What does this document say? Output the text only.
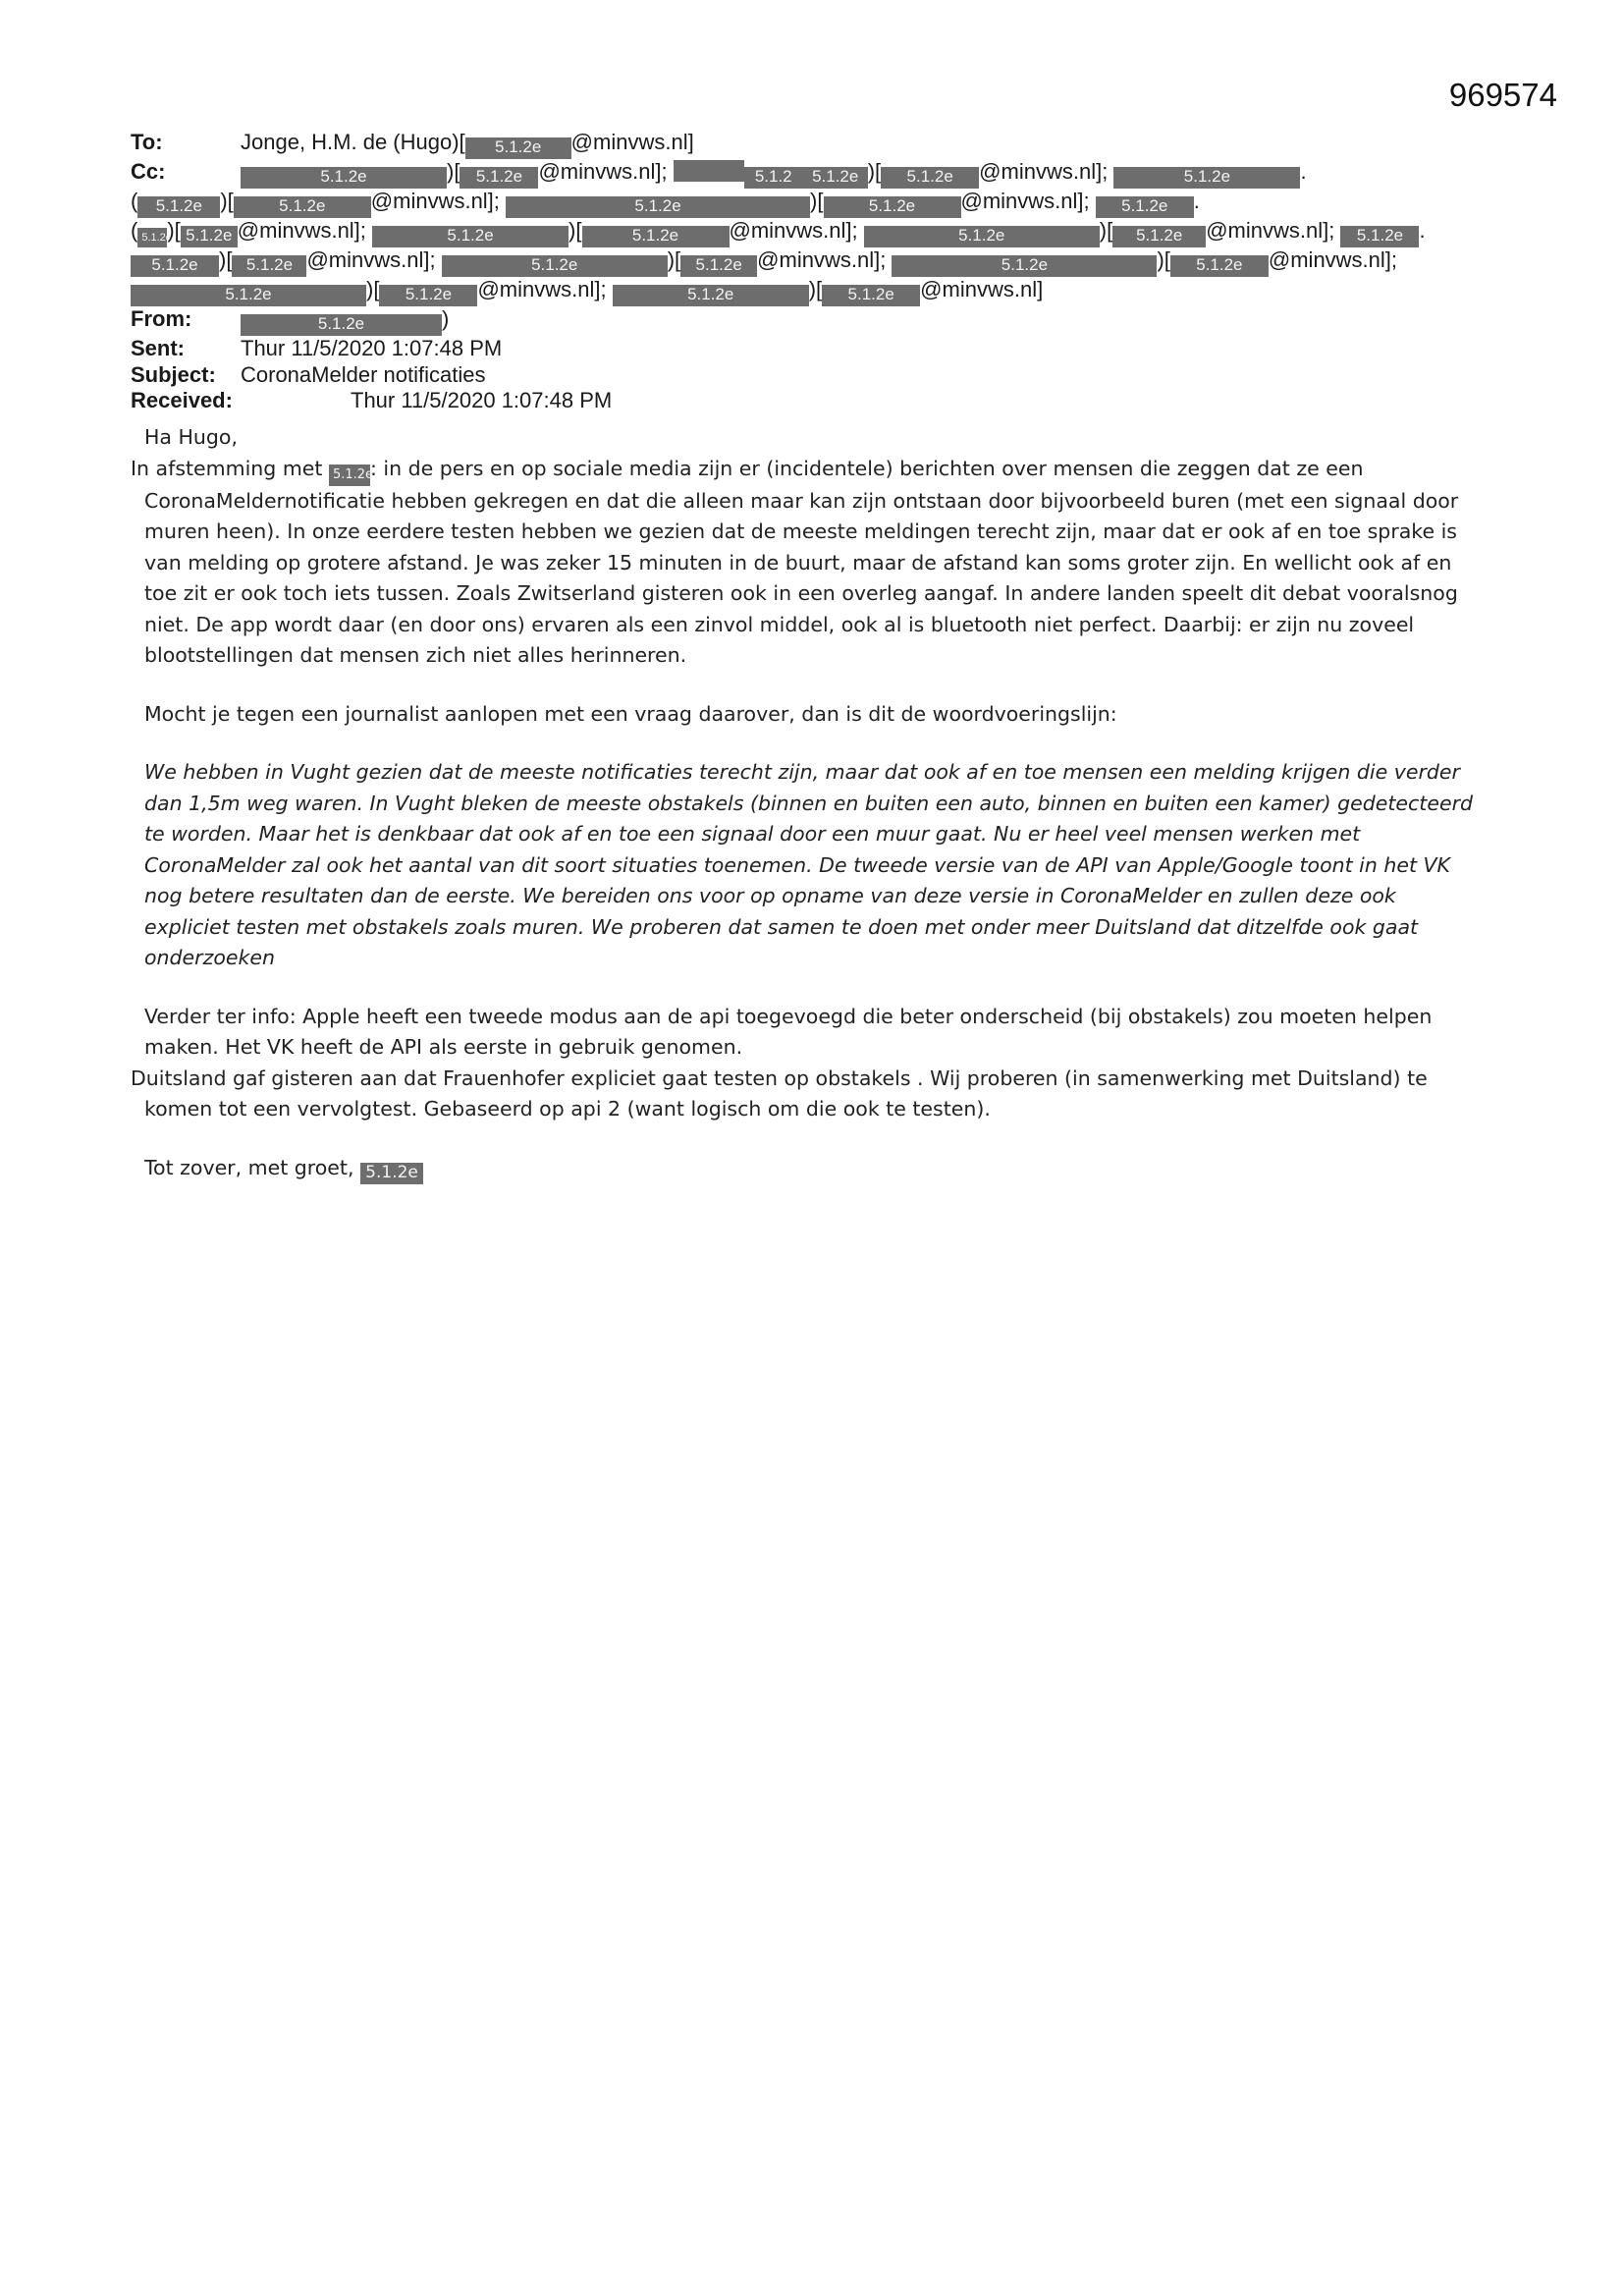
969574
To:	Jonge, H.M. de (Hugo)[ 5.1.2e @minvws.nl]
Cc:	5.1.2e	)[ 5.1.2e @minvws.nl];	5.1.2 5.1.2e )[ 5.1.2e @minvws.nl];	5.1.2e	.
( 5.1.2e )[	5.1.2e @minvws.nl];	5.1.2e	)[	5.1.2e @minvws.nl]; 5.1.2e .
( 5.1.2e)[ 5.1.2e @minvws.nl];	5.1.2e	)[	5.1.2e @minvws.nl];	5.1.2e	)[ 5.1.2e @minvws.nl]; 5.1.2e .
5.1.2e )[ 5.1.2e @minvws.nl];	5.1.2e	)[ 5.1.2e @minvws.nl];	5.1.2e	)[ 5.1.2e @minvws.nl];
5.1.2e	)[ 5.1.2e @minvws.nl];	5.1.2e	)[ 5.1.2e @minvws.nl]
From:	5.1.2e	)
Sent:	Thur 11/5/2020 1:07:48 PM
Subject:	CoronaMelder notificaties
Received:	Thur 11/5/2020 1:07:48 PM

Ha Hugo,

In afstemming met 5.1.2e: in de pers en op sociale media zijn er (incidentele) berichten over mensen die zeggen dat ze een
CoronaMeldernotificatie hebben gekregen en dat die alleen maar kan zijn ontstaan door bijvoorbeeld buren (met een signaal door muren heen). In onze eerdere testen hebben we gezien dat de meeste meldingen terecht zijn, maar dat er ook af en toe sprake is van melding op grotere afstand. Je was zeker 15 minuten in de buurt, maar de afstand kan soms groter zijn. En wellicht ook af en toe zit er ook toch iets tussen. Zoals Zwitserland gisteren ook in een overleg aangaf. In andere landen speelt dit debat vooralsnog niet. De app wordt daar (en door ons) ervaren als een zinvol middel, ook al is bluetooth niet perfect. Daarbij: er zijn nu zoveel blootstellingen dat mensen zich niet alles herinneren.

Mocht je tegen een journalist aanlopen met een vraag daarover, dan is dit de woordvoeringslijn:

We hebben in Vught gezien dat de meeste notificaties terecht zijn, maar dat ook af en toe mensen een melding krijgen die verder dan 1,5m weg waren. In Vught bleken de meeste obstakels (binnen en buiten een auto, binnen en buiten een kamer) gedetecteerd te worden. Maar het is denkbaar dat ook af en toe een signaal door een muur gaat. Nu er heel veel mensen werken met CoronaMelder zal ook het aantal van dit soort situaties toenemen. De tweede versie van de API van Apple/Google toont in het VK nog betere resultaten dan de eerste. We bereiden ons voor op opname van deze versie in CoronaMelder en zullen deze ook expliciet testen met obstakels zoals muren. We proberen dat samen te doen met onder meer Duitsland dat ditzelfde ook gaat onderzoeken

Verder ter info: Apple heeft een tweede modus aan de api toegevoegd die beter onderscheid (bij obstakels) zou moeten helpen maken. Het VK heeft de API als eerste in gebruik genomen.

Duitsland gaf gisteren aan dat Frauenhofer expliciet gaat testen op obstakels . Wij proberen (in samenwerking met Duitsland) te
komen tot een vervolgtest. Gebaseerd op api 2 (want logisch om die ook te testen).

Tot zover, met groet, 5.1.2e
